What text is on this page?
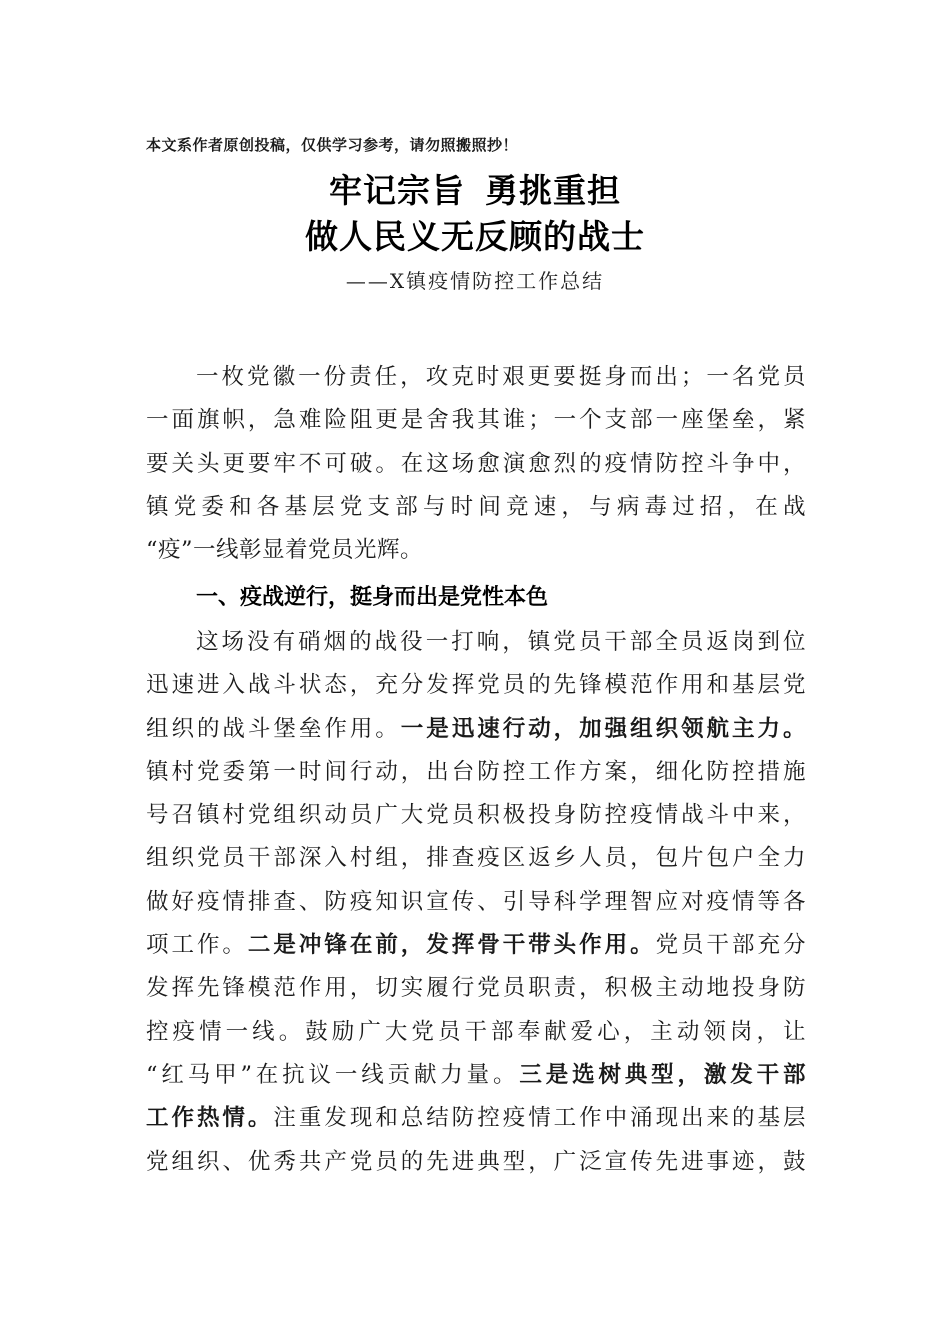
本文系作者原创投稿，仅供学习参考，请勿照搬照抄！
牢记宗旨 勇挑重担
做人民义无反顾的战士
——X镇疫情防控工作总结
一枚党徽一份责任，攻克时艰更要挺身而出；一名党员
一面旗帜，急难险阻更是舍我其谁；一个支部一座堡垒，紧
要关头更要牢不可破。在这场愈演愈烈的疫情防控斗争中，
镇党委和各基层党支部与时间竞速，与病毒过招，在战
“疫”一线彰显着党员光辉。
一、疫战逆行，挺身而出是党性本色
这场没有硝烟的战役一打响，镇党员干部全员返岗到位
迅速进入战斗状态，充分发挥党员的先锋模范作用和基层党
组织的战斗堡垒作用。一是迅速行动，加强组织领航主力。
镇村党委第一时间行动，出台防控工作方案，细化防控措施
号召镇村党组织动员广大党员积极投身防控疫情战斗中来，
组织党员干部深入村组，排查疫区返乡人员，包片包户全力
做好疫情排查、防疫知识宣传、引导科学理智应对疫情等各
项工作。二是冲锋在前，发挥骨干带头作用。党员干部充分
发挥先锋模范作用，切实履行党员职责，积极主动地投身防
控疫情一线。鼓励广大党员干部奉献爱心，主动领岗，让
“红马甲”在抗议一线贡献力量。三是选树典型，激发干部
工作热情。注重发现和总结防控疫情工作中涌现出来的基层
党组织、优秀共产党员的先进典型，广泛宣传先进事迹，鼓
